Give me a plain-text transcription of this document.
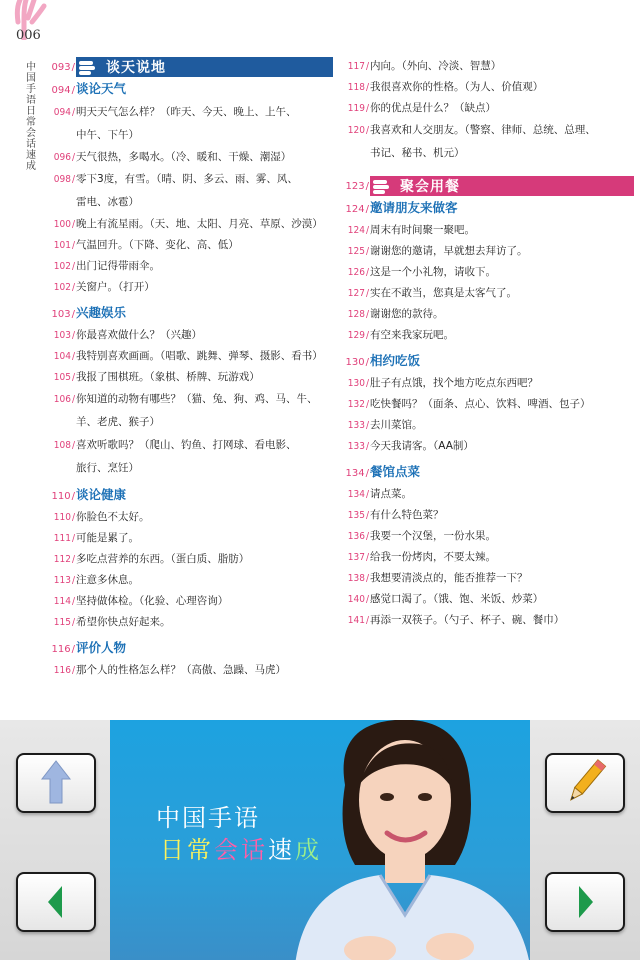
006
中国手语日常会话速成
093 /	谈天说地
094 / 谈论天气
094 / 明天天气怎么样？（昨天、今天、晚上、上午、
中午、下午）
096 / 天气很热，多喝水。（冷、暖和、干燥、潮湿）
098 / 零下3度，有雪。（晴、阴、多云、雨、雾、风、
雷电、冰雹）
100 / 晚上有流星雨。（天、地、太阳、月亮、草原、沙漠）
101 / 气温回升。（下降、变化、高、低）
102 / 出门记得带雨伞。
102 / 关窗户。（打开）
103 / 兴趣娱乐
103 / 你最喜欢做什么？（兴趣）
104 / 我特别喜欢画画。（唱歌、跳舞、弹琴、摄影、看书）
105 / 我报了围棋班。（象棋、桥牌、玩游戏）
106 / 你知道的动物有哪些？（猫、兔、狗、鸡、马、牛、
羊、老虎、猴子）
108 / 喜欢听歌吗？（爬山、钓鱼、打网球、看电影、
旅行、烹饪）
110 / 谈论健康
110 / 你脸色不太好。
111 / 可能是累了。
112 / 多吃点营养的东西。（蛋白质、脂肪）
113 / 注意多休息。
114 / 坚持做体检。（化验、心理咨询）
115 / 希望你快点好起来。
116 / 评价人物
116 / 那个人的性格怎么样？（高傲、急躁、马虎）
117 / 内向。（外向、冷淡、智慧）
118 / 我很喜欢你的性格。（为人、价值观）
119 / 你的优点是什么？（缺点）
120 / 我喜欢和人交朋友。（警察、律师、总统、总理、
书记、秘书、机元）
123 /	聚会用餐
124 / 邀请朋友来做客
124 / 周末有时间聚一聚吧。
125 / 谢谢您的邀请，早就想去拜访了。
126 / 这是一个小礼物，请收下。
127 / 实在不敢当，您真是太客气了。
128 / 谢谢您的款待。
129 / 有空来我家玩吧。
130 / 相约吃饭
130 / 肚子有点饿，找个地方吃点东西吧？
132 / 吃快餐吗？（面条、点心、饮料、啤酒、包子）
133 / 去川菜馆。
133 / 今天我请客。（AA制）
134 / 餐馆点菜
134 / 请点菜。
135 / 有什么特色菜？
136 / 我要一个汉堡，一份水果。
137 / 给我一份烤肉，不要太辣。
138 / 我想要清淡点的，能否推荐一下？
140 / 感觉口渴了。（饿、饱、米饭、炒菜）
141 / 再添一双筷子。（勺子、杯子、碗、餐巾）
中国手语
日常会话速成
